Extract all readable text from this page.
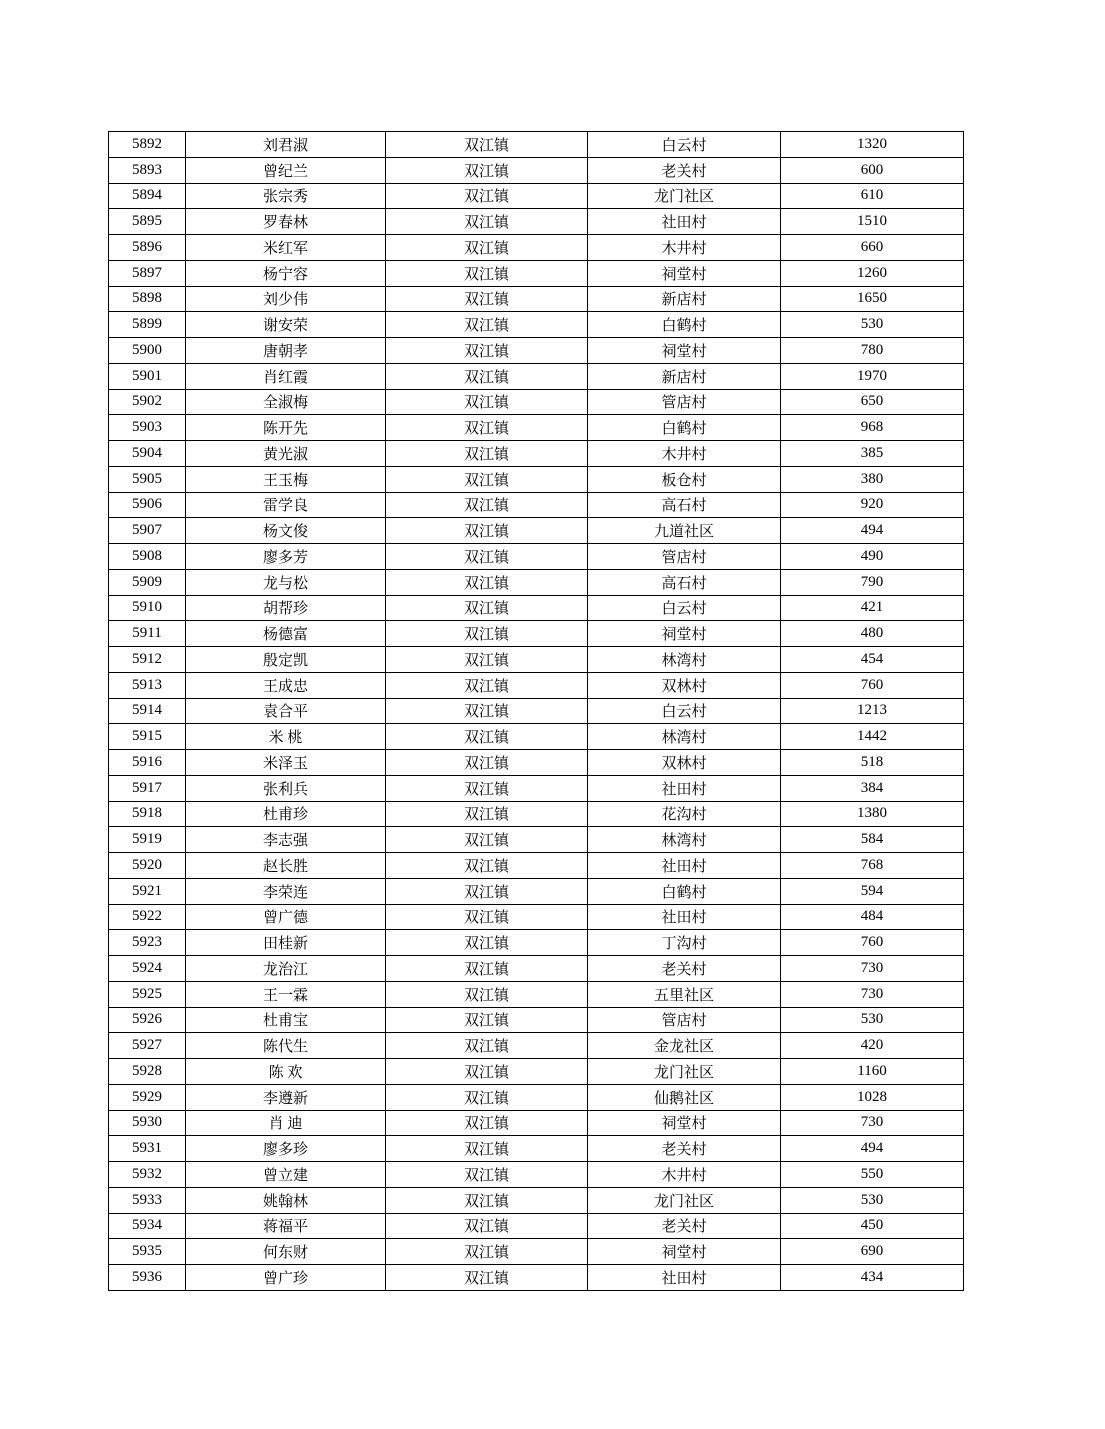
5892	刘君淑	双江镇	白云村	1320
5893	曾纪兰	双江镇	老关村	600
5894	张宗秀	双江镇	龙门社区	610
5895	罗春林	双江镇	社田村	1510
5896	米红军	双江镇	木井村	660
5897	杨宁容	双江镇	祠堂村	1260
5898	刘少伟	双江镇	新店村	1650
5899	谢安荣	双江镇	白鹤村	530
5900	唐朝孝	双江镇	祠堂村	780
5901	肖红霞	双江镇	新店村	1970
5902	全淑梅	双江镇	管店村	650
5903	陈开先	双江镇	白鹤村	968
5904	黄光淑	双江镇	木井村	385
5905	王玉梅	双江镇	板仓村	380
5906	雷学良	双江镇	高石村	920
5907	杨文俊	双江镇	九道社区	494
5908	廖多芳	双江镇	管店村	490
5909	龙与松	双江镇	高石村	790
5910	胡帮珍	双江镇	白云村	421
5911	杨德富	双江镇	祠堂村	480
5912	殷定凯	双江镇	林湾村	454
5913	王成忠	双江镇	双林村	760
5914	袁合平	双江镇	白云村	1213
5915	米 桃	双江镇	林湾村	1442
5916	米泽玉	双江镇	双林村	518
5917	张利兵	双江镇	社田村	384
5918	杜甫珍	双江镇	花沟村	1380
5919	李志强	双江镇	林湾村	584
5920	赵长胜	双江镇	社田村	768
5921	李荣连	双江镇	白鹤村	594
5922	曾广德	双江镇	社田村	484
5923	田桂新	双江镇	丁沟村	760
5924	龙治江	双江镇	老关村	730
5925	王一霖	双江镇	五里社区	730
5926	杜甫宝	双江镇	管店村	530
5927	陈代生	双江镇	金龙社区	420
5928	陈 欢	双江镇	龙门社区	1160
5929	李遵新	双江镇	仙鹅社区	1028
5930	肖 迪	双江镇	祠堂村	730
5931	廖多珍	双江镇	老关村	494
5932	曾立建	双江镇	木井村	550
5933	姚翰林	双江镇	龙门社区	530
5934	蒋福平	双江镇	老关村	450
5935	何东财	双江镇	祠堂村	690
5936	曾广珍	双江镇	社田村	434
